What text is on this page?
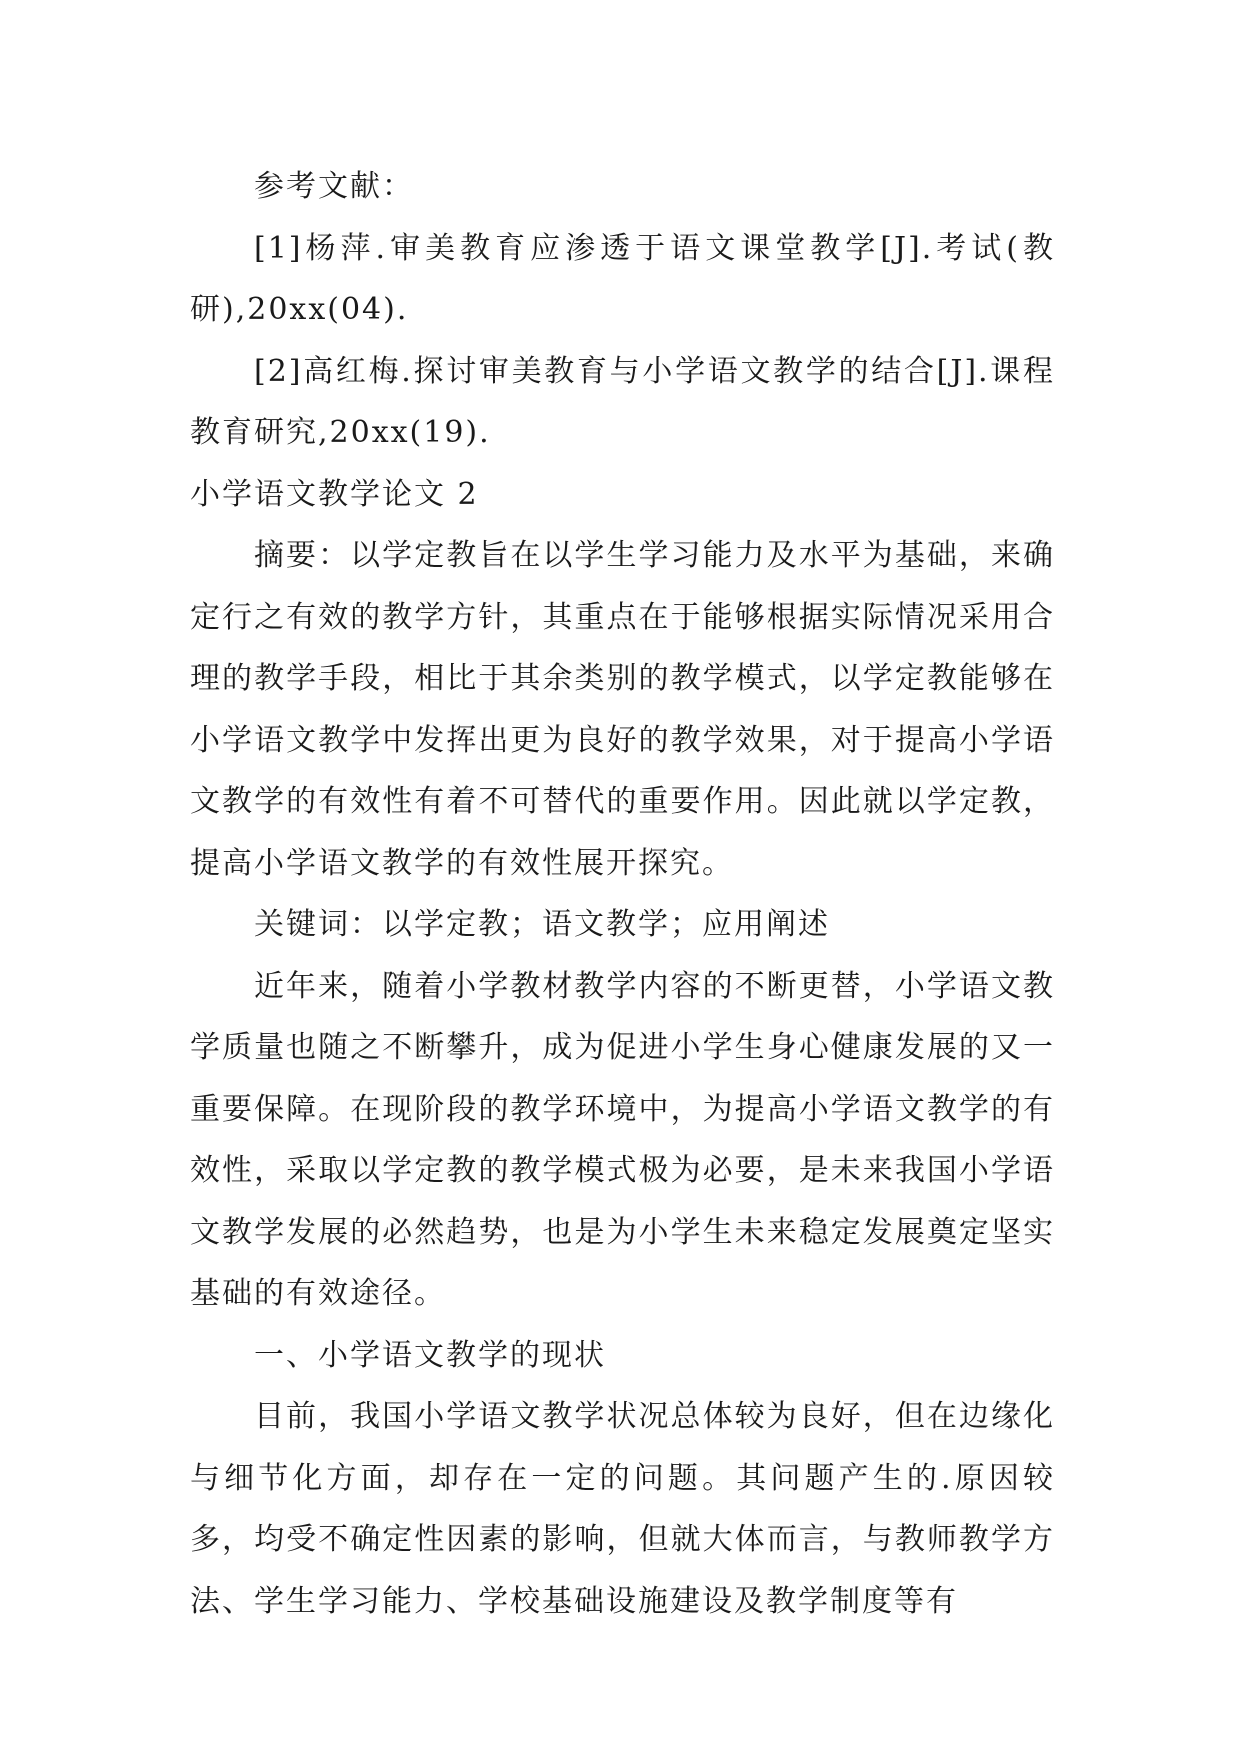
参考文献：

[1]杨萍.审美教育应渗透于语文课堂教学[J].考试(教研),20xx(04).

[2]高红梅.探讨审美教育与小学语文教学的结合[J].课程教育研究,20xx(19).

小学语文教学论文 2

摘要：以学定教旨在以学生学习能力及水平为基础，来确定行之有效的教学方针，其重点在于能够根据实际情况采用合理的教学手段，相比于其余类别的教学模式，以学定教能够在小学语文教学中发挥出更为良好的教学效果，对于提高小学语文教学的有效性有着不可替代的重要作用。因此就以学定教，提高小学语文教学的有效性展开探究。

关键词：以学定教；语文教学；应用阐述

近年来，随着小学教材教学内容的不断更替，小学语文教学质量也随之不断攀升，成为促进小学生身心健康发展的又一重要保障。在现阶段的教学环境中，为提高小学语文教学的有效性，采取以学定教的教学模式极为必要，是未来我国小学语文教学发展的必然趋势，也是为小学生未来稳定发展奠定坚实基础的有效途径。

一、小学语文教学的现状

目前，我国小学语文教学状况总体较为良好，但在边缘化与细节化方面，却存在一定的问题。其问题产生的.原因较多，均受不确定性因素的影响，但就大体而言，与教师教学方法、学生学习能力、学校基础设施建设及教学制度等有
